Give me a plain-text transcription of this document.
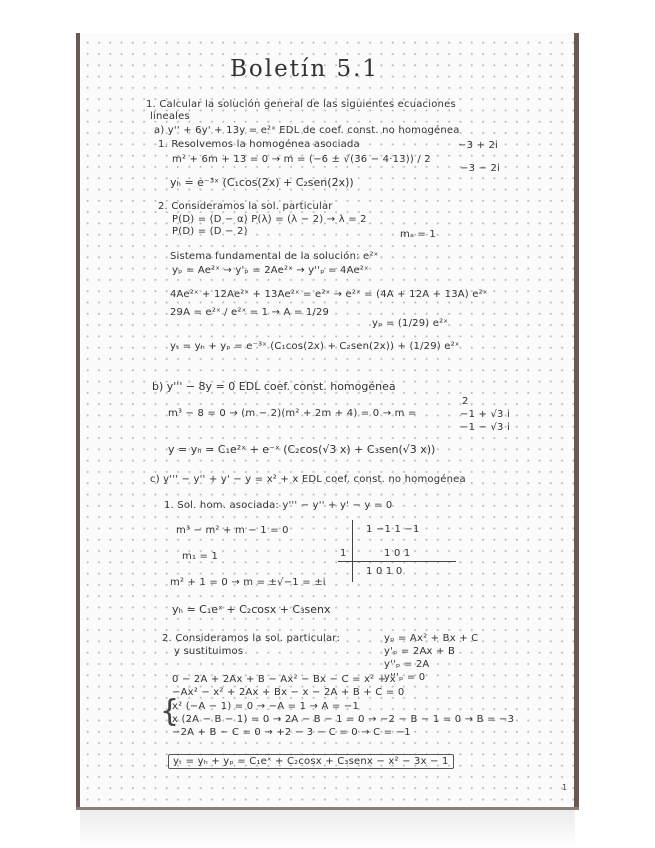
Boletín 5.1
1. Calcular la solución general de las siguientes ecuaciones
lineales
a) y'' + 6y' + 13y = e²ˣ EDL de coef. const. no homogénea
1. Resolvemos la homogénea asociada
m² + 6m + 13 = 0 → m = (−6 ± √(36 − 4·13)) / 2
−3 + 2i
−3 − 2i
yₕ = e⁻³ˣ (C₁cos(2x) + C₂sen(2x))
2. Consideramos la sol. particular
P(D) = (D − α) P(λ) = (λ − 2) → λ = 2
P(D) = (D − 2)	mₐ = 1
Sistema fundamental de la solución: e²ˣ
yₚ = Ae²ˣ → y'ₚ = 2Ae²ˣ → y''ₚ = 4Ae²ˣ
4Ae²ˣ + 12Ae²ˣ + 13Ae²ˣ = e²ˣ → e²ˣ = (4A + 12A + 13A) e²ˣ
29A = e²ˣ / e²ˣ = 1 → A = 1/29
yₚ = (1/29) e²ˣ
yₜ = yₕ + yₚ = e⁻³ˣ (C₁cos(2x) + C₂sen(2x)) + (1/29) e²ˣ
b) y''' − 8y = 0 EDL coef. const. homogénea
m³ − 8 = 0 → (m − 2)(m² + 2m + 4) = 0 → m =
2
−1 + √3 i
−1 − √3 i
y = yₕ = C₁e²ˣ + e⁻ˣ (C₂cos(√3 x) + C₃sen(√3 x))
c) y''' − y'' + y' − y = x² + x EDL coef. const. no homogénea
1. Sol. hom. asociada: y''' − y'' + y' − y = 0
m³ − m² + m − 1 = 0
m₁ = 1
m² + 1 = 0 → m = ±√−1 = ±i
1 −1 1 −1
1	1 0 1
1 0 1 0
yₕ = C₁eˣ + C₂cosx + C₃senx
2. Consideramos la sol. particular:
y sustituimos
yₚ = Ax² + Bx + C
y'ₚ = 2Ax + B
y''ₚ = 2A
y'''ₚ = 0
0 − 2A + 2Ax + B − Ax² − Bx − C = x² + x
−Ax² − x² + 2Ax + Bx − x − 2A + B + C = 0
{
x² (−A − 1) = 0 → −A = 1 → A = −1
x (2A − B − 1) = 0 → 2A − B − 1 = 0 → −2 − B − 1 = 0 → B = −3
−2A + B − C = 0 → +2 − 3 − C = 0 → C = −1
yₜ = yₕ + yₚ = C₁eˣ + C₂cosx + C₃senx − x² − 3x − 1
1
